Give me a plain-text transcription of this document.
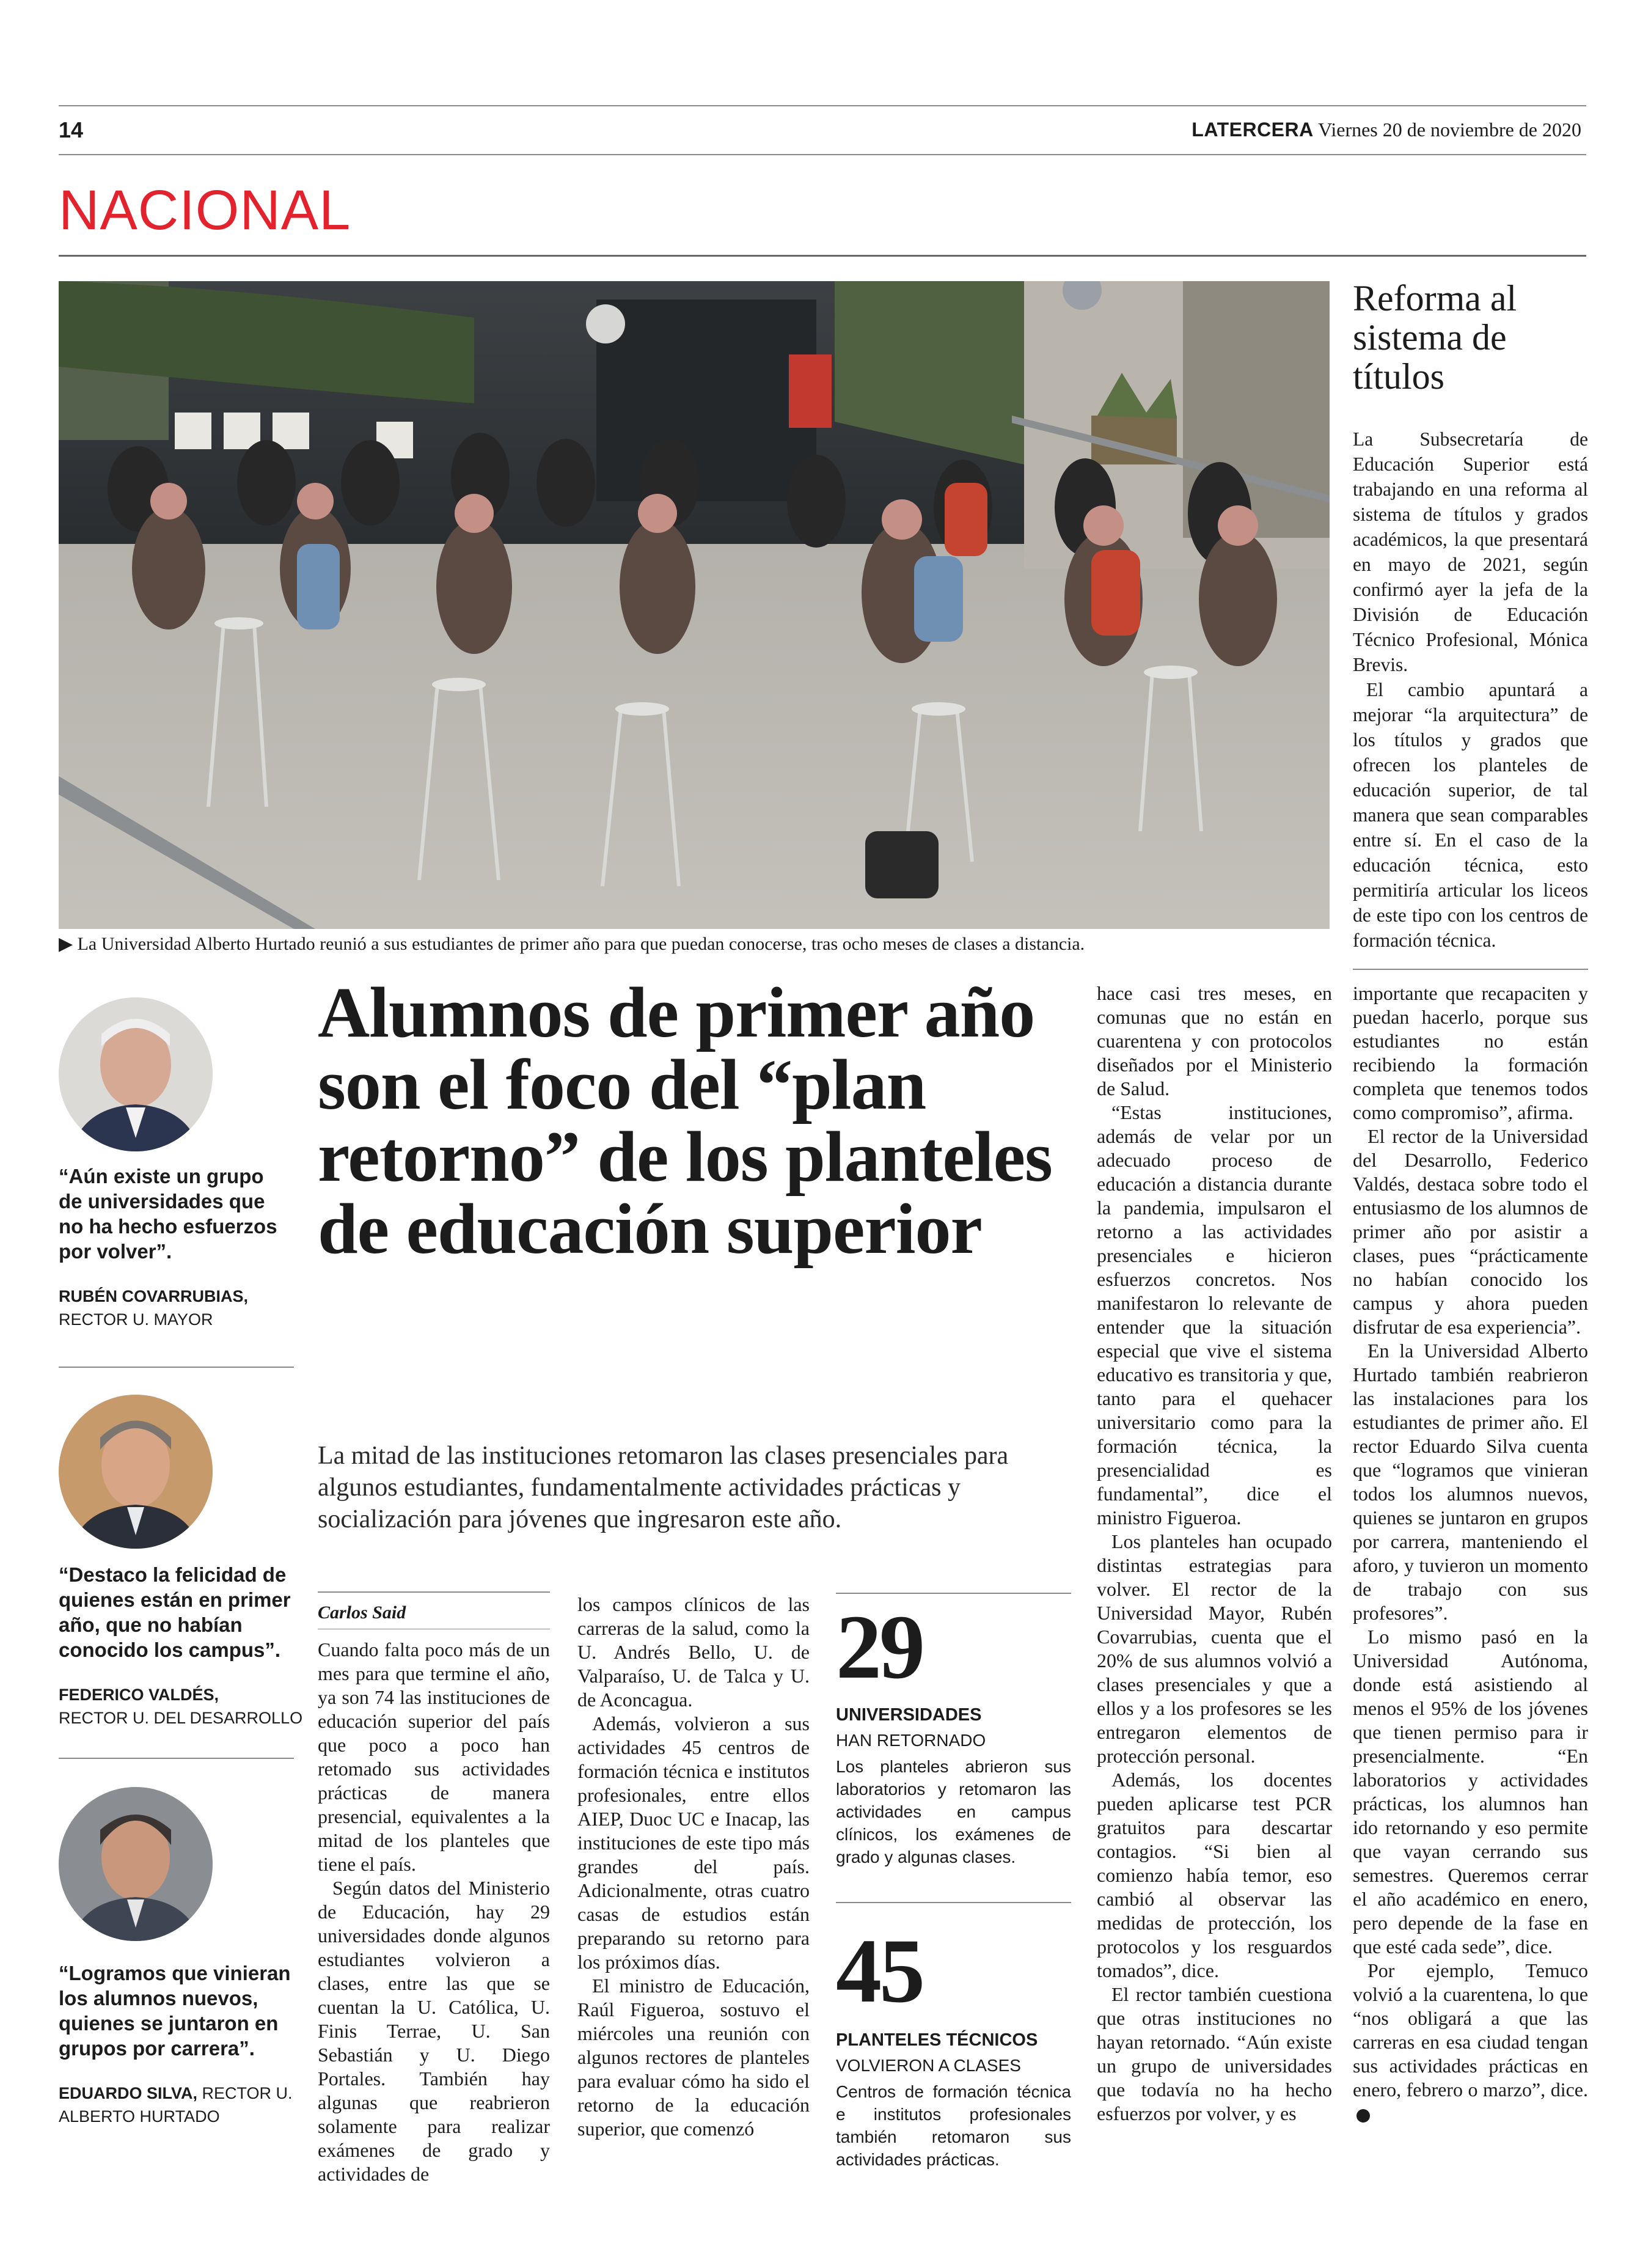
14	LATERCERA Viernes 20 de noviembre de 2020
NACIONAL
▶ La Universidad Alberto Hurtado reunió a sus estudiantes de primer año para que puedan conocerse, tras ocho meses de clases a distancia.
Reforma al sistema de títulos

La Subsecretaría de Educación Superior está trabajando en una reforma al sistema de títulos y grados académicos, la que presentará en mayo de 2021, según confirmó ayer la jefa de la División de Educación Técnico Profesional, Mónica Brevis.

El cambio apuntará a mejorar “la arquitectura” de los títulos y grados que ofrecen los planteles de educación superior, de tal manera que sean comparables entre sí. En el caso de la educación técnica, esto permitiría articular los liceos de este tipo con los centros de formación técnica.

“Aún existe un grupo de universidades que no ha hecho esfuerzos por volver”.
RUBÉN COVARRUBIAS,
RECTOR U. MAYOR
“Destaco la felicidad de quienes están en primer año, que no habían conocido los campus”.
FEDERICO VALDÉS,
RECTOR U. DEL DESARROLLO
“Logramos que vinieran los alumnos nuevos, quienes se juntaron en grupos por carrera”.
EDUARDO SILVA, RECTOR U. ALBERTO HURTADO
Alumnos de primer año son el foco del “plan retorno” de los planteles de educación superior
La mitad de las instituciones retomaron las clases presenciales para algunos estudiantes, fundamentalmente actividades prácticas y socialización para jóvenes que ingresaron este año.
Carlos Said

Cuando falta poco más de un mes para que termine el año, ya son 74 las instituciones de educación superior del país que poco a poco han retomado sus actividades prácticas de manera presencial, equivalentes a la mitad de los planteles que tiene el país.

Según datos del Ministerio de Educación, hay 29 universidades donde algunos estudiantes volvieron a clases, entre las que se cuentan la U. Católica, U. Finis Terrae, U. San Sebastián y U. Diego Portales. También hay algunas que reabrieron solamente para realizar exámenes de grado y actividades de

los campos clínicos de las carreras de la salud, como la U. Andrés Bello, U. de Valparaíso, U. de Talca y U. de Aconcagua.

Además, volvieron a sus actividades 45 centros de formación técnica e institutos profesionales, entre ellos AIEP, Duoc UC e Inacap, las instituciones de este tipo más grandes del país. Adicionalmente, otras cuatro casas de estudios están preparando su retorno para los próximos días.

El ministro de Educación, Raúl Figueroa, sostuvo el miércoles una reunión con algunos rectores de planteles para evaluar cómo ha sido el retorno de la educación superior, que comenzó

29
UNIVERSIDADES
HAN RETORNADO
Los planteles abrieron sus laboratorios y retomaron las actividades en campus clínicos, los exámenes de grado y algunas clases.
45
PLANTELES TÉCNICOS
VOLVIERON A CLASES
Centros de formación técnica e institutos profesionales también retomaron sus actividades prácticas.

hace casi tres meses, en comunas que no están en cuarentena y con protocolos diseñados por el Ministerio de Salud.

“Estas instituciones, además de velar por un adecuado proceso de educación a distancia durante la pandemia, impulsaron el retorno a las actividades presenciales e hicieron esfuerzos concretos. Nos manifestaron lo relevante de entender que la situación especial que vive el sistema educativo es transitoria y que, tanto para el quehacer universitario como para la formación técnica, la presencialidad es fundamental”, dice el ministro Figueroa.

Los planteles han ocupado distintas estrategias para volver. El rector de la Universidad Mayor, Rubén Covarrubias, cuenta que el 20% de sus alumnos volvió a clases presenciales y que a ellos y a los profesores se les entregaron elementos de protección personal.

Además, los docentes pueden aplicarse test PCR gratuitos para descartar contagios. “Si bien al comienzo había temor, eso cambió al observar las medidas de protección, los protocolos y los resguardos tomados”, dice.

El rector también cuestiona que otras instituciones no hayan retornado. “Aún existe un grupo de universidades que todavía no ha hecho esfuerzos por volver, y es

importante que recapaciten y puedan hacerlo, porque sus estudiantes no están recibiendo la formación completa que tenemos todos como compromiso”, afirma.

El rector de la Universidad del Desarrollo, Federico Valdés, destaca sobre todo el entusiasmo de los alumnos de primer año por asistir a clases, pues “prácticamente no habían conocido los campus y ahora pueden disfrutar de esa experiencia”.

En la Universidad Alberto Hurtado también reabrieron las instalaciones para los estudiantes de primer año. El rector Eduardo Silva cuenta que “logramos que vinieran todos los alumnos nuevos, quienes se juntaron en grupos por carrera, manteniendo el aforo, y tuvieron un momento de trabajo con sus profesores”.

Lo mismo pasó en la Universidad Autónoma, donde está asistiendo al menos el 95% de los jóvenes que tienen permiso para ir presencialmente. “En laboratorios y actividades prácticas, los alumnos han ido retornando y eso permite que vayan cerrando sus semestres. Queremos cerrar el año académico en enero, pero depende de la fase en que esté cada sede”, dice.

Por ejemplo, Temuco volvió a la cuarentena, lo que “nos obligará a que las carreras en esa ciudad tengan sus actividades prácticas en enero, febrero o marzo”, dice.
